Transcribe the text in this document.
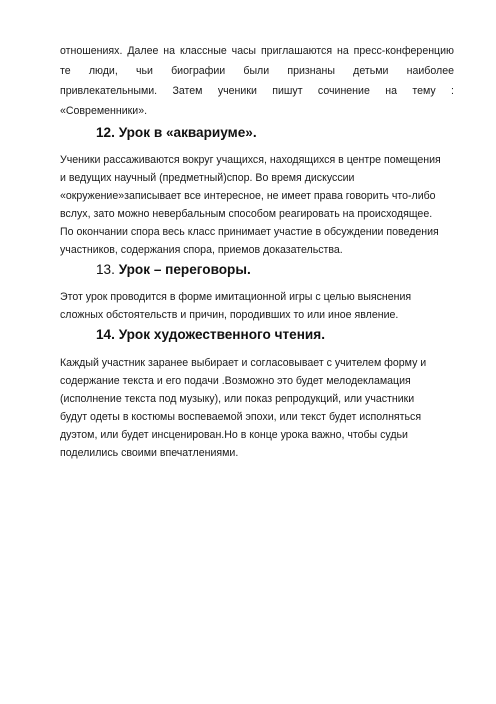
отношениях. Далее на классные часы приглашаются на пресс-конференцию
те люди, чьи биографии были признаны детьми наиболее
привлекательными. Затем ученики пишут сочинение на тему :
«Современники».
12. Урок в «аквариуме».
Ученики рассаживаются вокруг учащихся, находящихся в центре помещения
и ведущих научный (предметный)спор. Во время дискуссии
«окружение»записывает все интересное, не имеет права говорить что-либо
вслух, зато можно невербальным способом реагировать на происходящее.
По окончании спора весь класс принимает участие в обсуждении поведения
участников, содержания спора, приемов доказательства.
13. Урок – переговоры.
Этот урок проводится в форме имитационной игры с целью выяснения
сложных обстоятельств и причин, породивших то или иное явление.
14. Урок художественного чтения.
Каждый участник заранее выбирает и согласовывает с учителем форму и
содержание текста и его подачи .Возможно это будет мелодекламация
(исполнение текста под музыку), или показ репродукций, или участники
будут одеты в костюмы воспеваемой эпохи, или текст будет исполняться
дуэтом, или будет инсценирован.Но в конце урока важно, чтобы судьи
поделились своими впечатлениями.
